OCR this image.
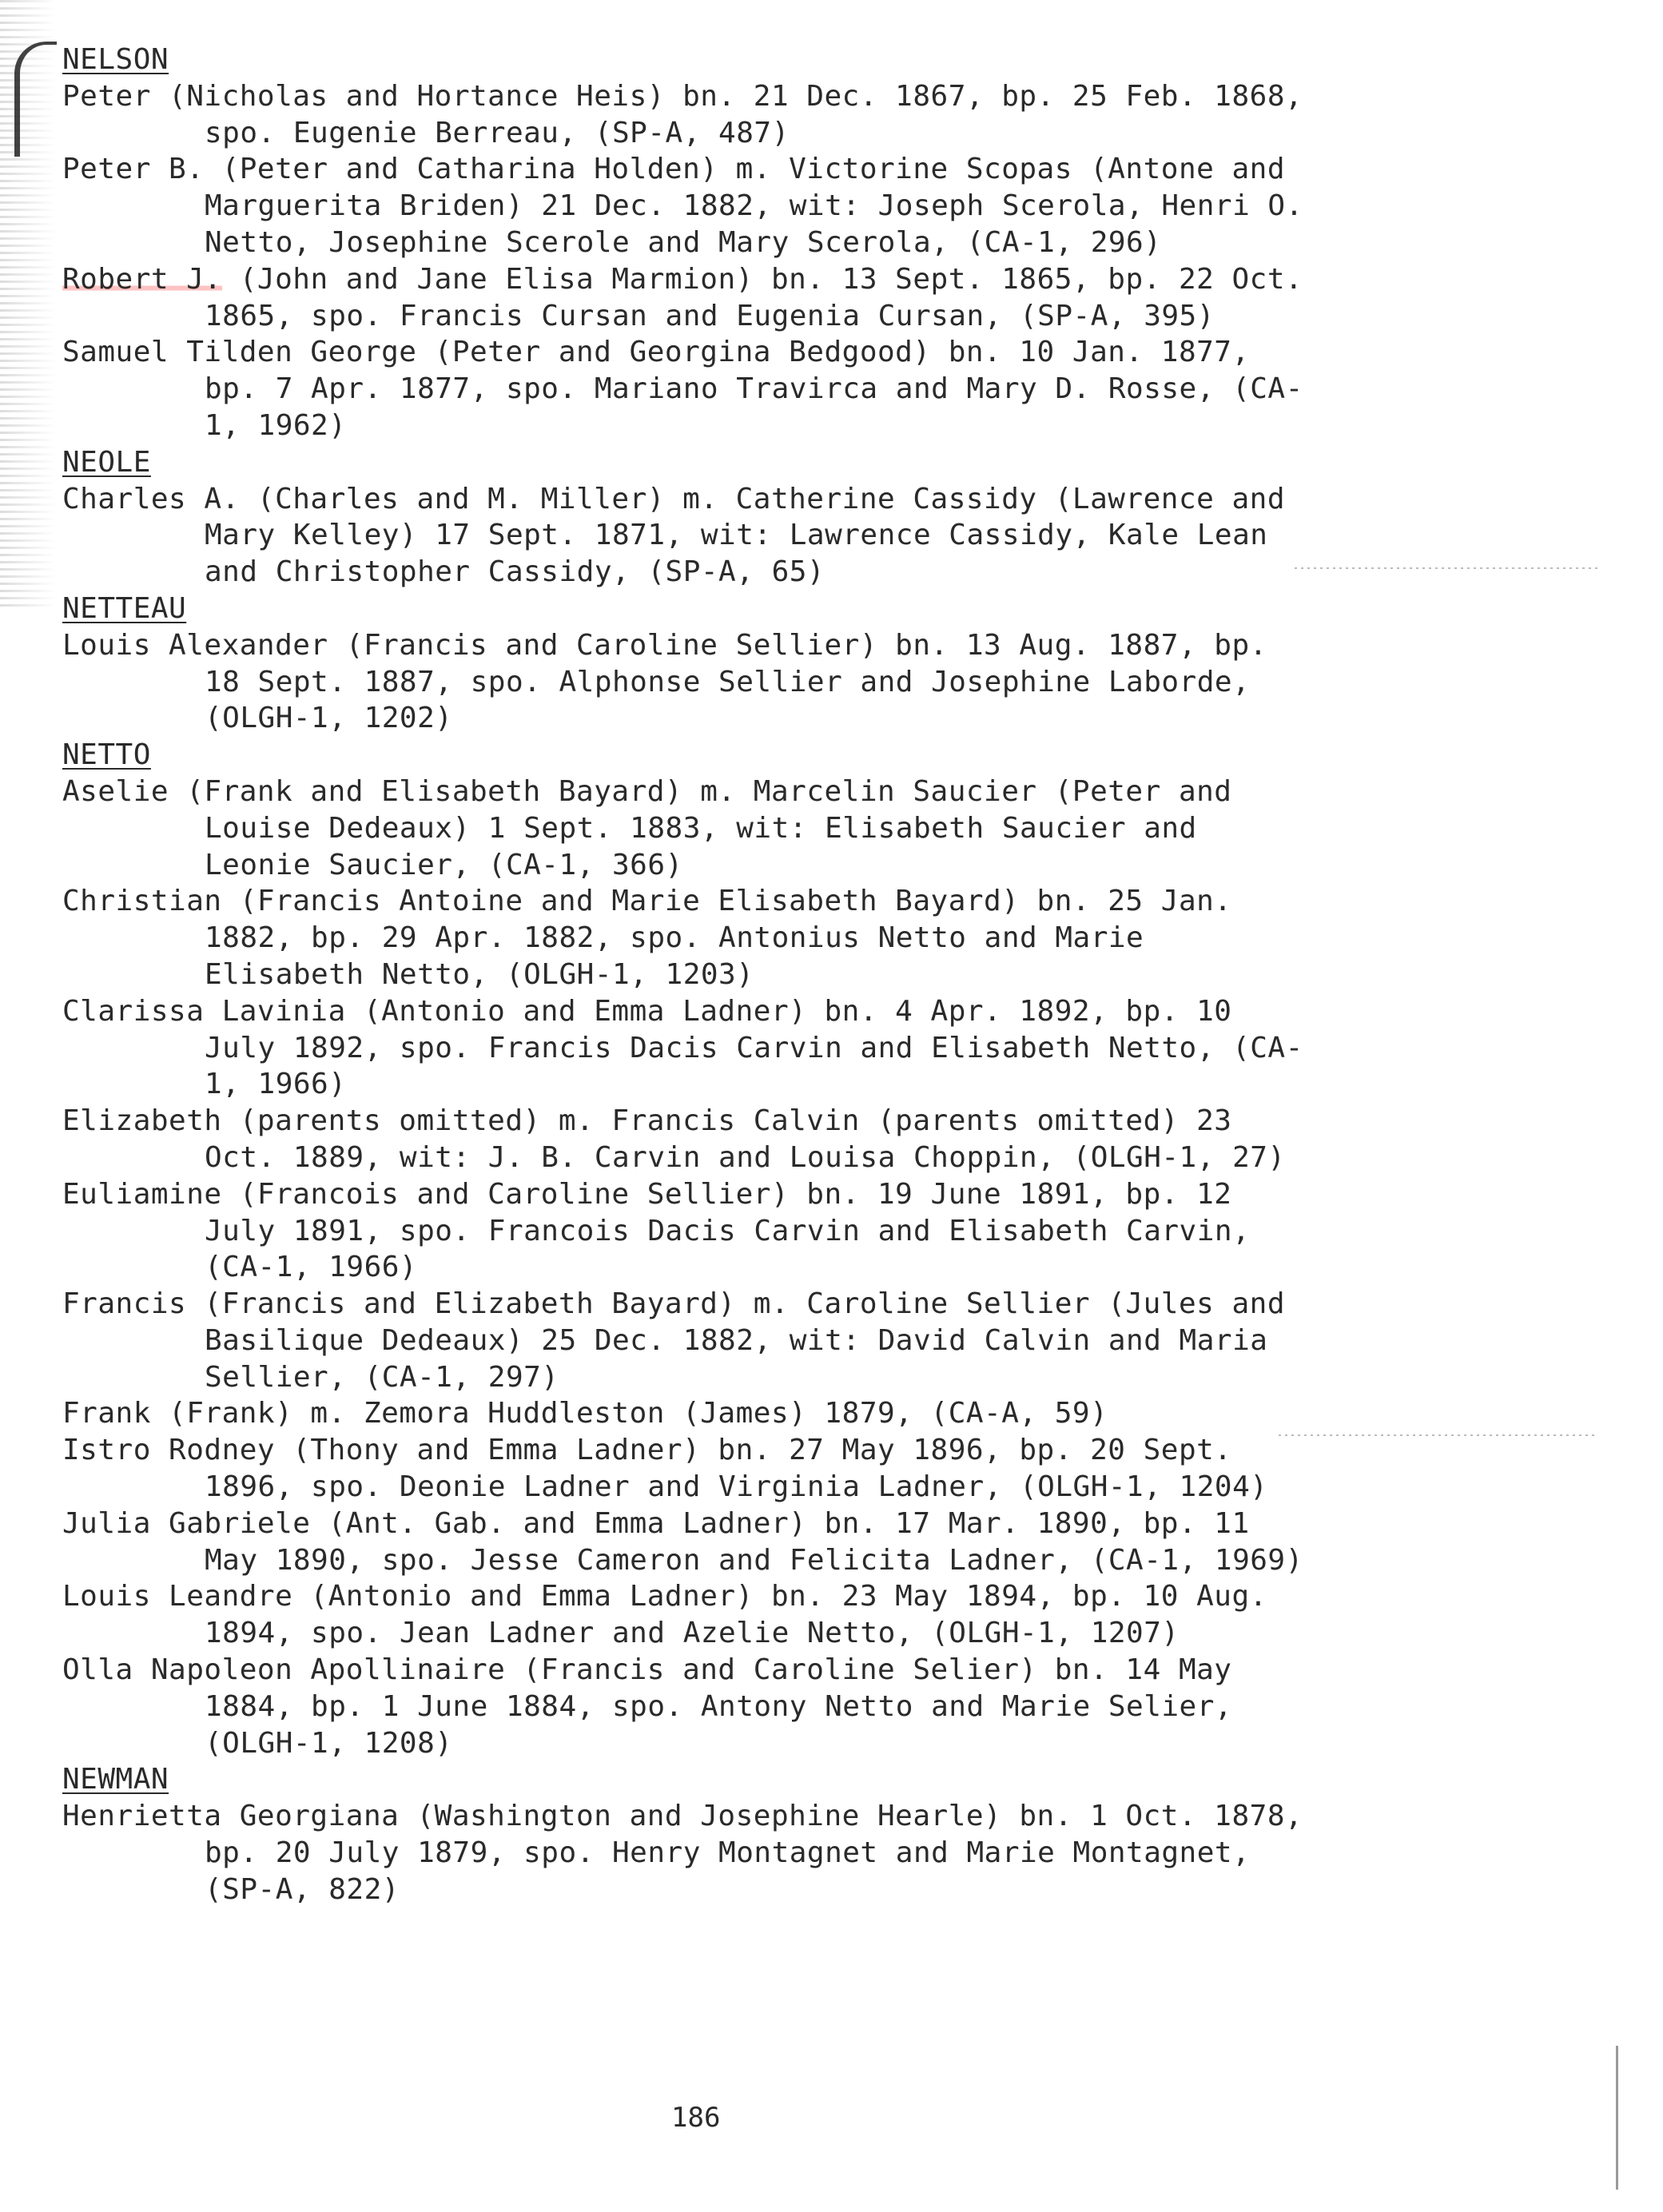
NELSON

Peter (Nicholas and Hortance Heis) bn. 21 Dec. 1867, bp. 25 Feb. 1868, spo. Eugenie Berreau, (SP-A, 487)

Peter B. (Peter and Catharina Holden) m. Victorine Scopas (Antone and Marguerita Briden) 21 Dec. 1882, wit: Joseph Scerola, Henri O. Netto, Josephine Scerole and Mary Scerola, (CA-1, 296)

Robert J. (John and Jane Elisa Marmion) bn. 13 Sept. 1865, bp. 22 Oct. 1865, spo. Francis Cursan and Eugenia Cursan, (SP-A, 395)

Samuel Tilden George (Peter and Georgina Bedgood) bn. 10 Jan. 1877, bp. 7 Apr. 1877, spo. Mariano Travirca and Mary D. Rosse, (CA-1, 1962)

NEOLE

Charles A. (Charles and M. Miller) m. Catherine Cassidy (Lawrence and Mary Kelley) 17 Sept. 1871, wit: Lawrence Cassidy, Kale Lean and Christopher Cassidy, (SP-A, 65)

NETTEAU

Louis Alexander (Francis and Caroline Sellier) bn. 13 Aug. 1887, bp. 18 Sept. 1887, spo. Alphonse Sellier and Josephine Laborde, (OLGH-1, 1202)

NETTO

Aselie (Frank and Elisabeth Bayard) m. Marcelin Saucier (Peter and Louise Dedeaux) 1 Sept. 1883, wit: Elisabeth Saucier and Leonie Saucier, (CA-1, 366)

Christian (Francis Antoine and Marie Elisabeth Bayard) bn. 25 Jan. 1882, bp. 29 Apr. 1882, spo. Antonius Netto and Marie Elisabeth Netto, (OLGH-1, 1203)

Clarissa Lavinia (Antonio and Emma Ladner) bn. 4 Apr. 1892, bp. 10 July 1892, spo. Francis Dacis Carvin and Elisabeth Netto, (CA-1, 1966)

Elizabeth (parents omitted) m. Francis Calvin (parents omitted) 23 Oct. 1889, wit: J. B. Carvin and Louisa Choppin, (OLGH-1, 27)

Euliamine (Francois and Caroline Sellier) bn. 19 June 1891, bp. 12 July 1891, spo. Francois Dacis Carvin and Elisabeth Carvin, (CA-1, 1966)

Francis (Francis and Elizabeth Bayard) m. Caroline Sellier (Jules and Basilique Dedeaux) 25 Dec. 1882, wit: David Calvin and Maria Sellier, (CA-1, 297)

Frank (Frank) m. Zemora Huddleston (James) 1879, (CA-A, 59)

Istro Rodney (Thony and Emma Ladner) bn. 27 May 1896, bp. 20 Sept. 1896, spo. Deonie Ladner and Virginia Ladner, (OLGH-1, 1204)

Julia Gabriele (Ant. Gab. and Emma Ladner) bn. 17 Mar. 1890, bp. 11 May 1890, spo. Jesse Cameron and Felicita Ladner, (CA-1, 1969)

Louis Leandre (Antonio and Emma Ladner) bn. 23 May 1894, bp. 10 Aug. 1894, spo. Jean Ladner and Azelie Netto, (OLGH-1, 1207)

Olla Napoleon Apollinaire (Francis and Caroline Selier) bn. 14 May 1884, bp. 1 June 1884, spo. Antony Netto and Marie Selier, (OLGH-1, 1208)

NEWMAN

Henrietta Georgiana (Washington and Josephine Hearle) bn. 1 Oct. 1878, bp. 20 July 1879, spo. Henry Montagnet and Marie Montagnet, (SP-A, 822)

186
